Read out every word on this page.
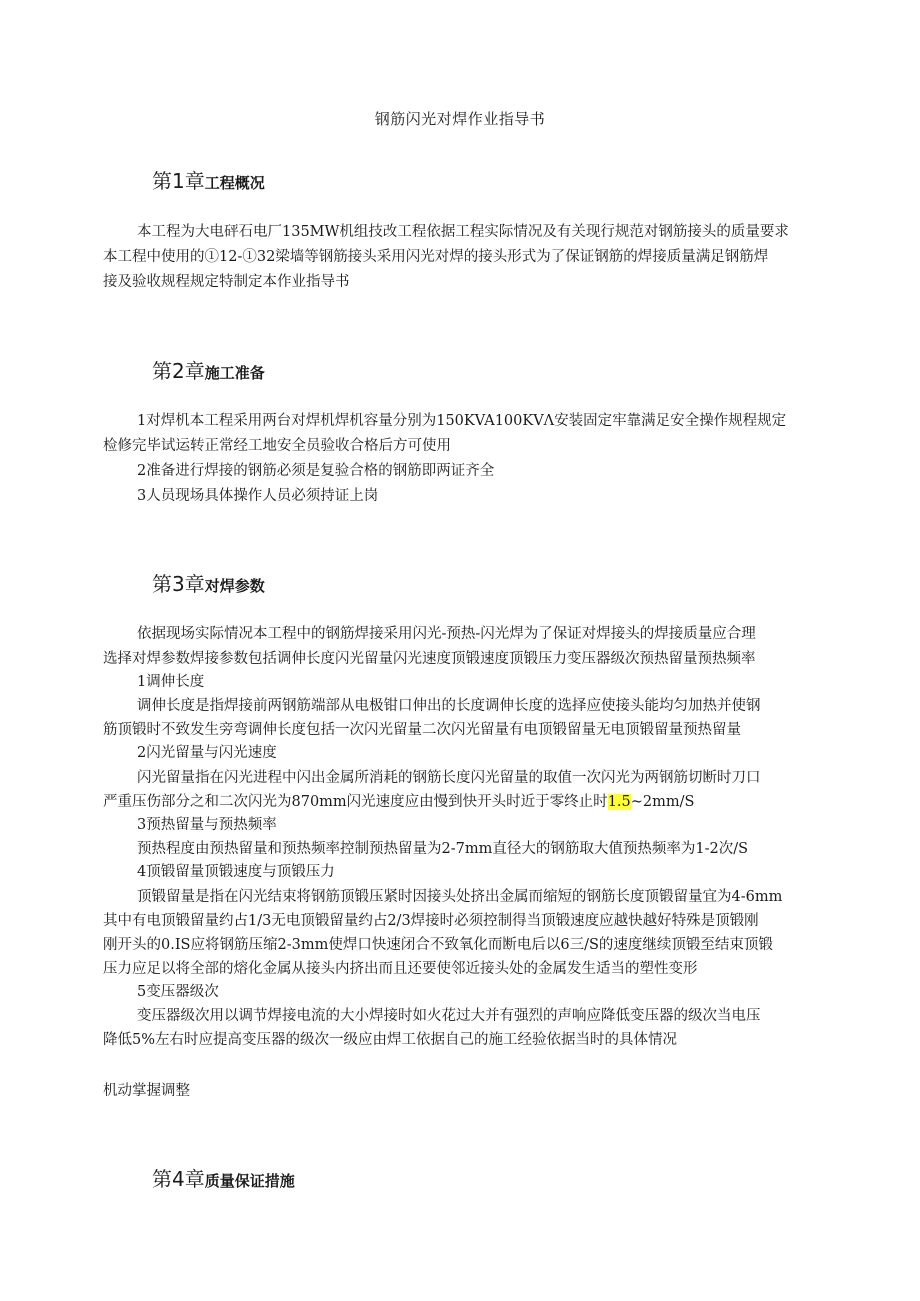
钢筋闪光对焊作业指导书
第1章工程概况
本工程为大电砰石电厂135MW机组技改工程依据工程实际情况及有关现行规范对钢筋接头的质量要求
本工程中使用的①12-①32梁墙等钢筋接头采用闪光对焊的接头形式为了保证钢筋的焊接质量满足钢筋焊
接及验收规程规定特制定本作业指导书
第2章施工准备
1对焊机本工程采用两台对焊机焊机容量分别为150KVA100KVΛ安装固定牢靠满足安全操作规程规定
检修完毕试运转正常经工地安全员验收合格后方可使用
2准备进行焊接的钢筋必须是复验合格的钢筋即两证齐全
3人员现场具体操作人员必须持证上岗
第3章对焊参数
依据现场实际情况本工程中的钢筋焊接采用闪光-预热-闪光焊为了保证对焊接头的焊接质量应合理
选择对焊参数焊接参数包括调伸长度闪光留量闪光速度顶锻速度顶锻压力变压器级次预热留量预热频率
1调伸长度
调伸长度是指焊接前两钢筋端部从电极钳口伸出的长度调伸长度的选择应使接头能均匀加热并使钢
筋顶锻时不致发生旁弯调伸长度包括一次闪光留量二次闪光留量有电顶锻留量无电顶锻留量预热留量
2闪光留量与闪光速度
闪光留量指在闪光进程中闪出金属所消耗的钢筋长度闪光留量的取值一次闪光为两钢筋切断时刀口
严重压伤部分之和二次闪光为870mm闪光速度应由慢到快开头时近于零终止时1.5~2mm/S
3预热留量与预热频率
预热程度由预热留量和预热频率控制预热留量为2-7mm直径大的钢筋取大值预热频率为1-2次/S
4顶锻留量顶锻速度与顶锻压力
顶锻留量是指在闪光结束将钢筋顶锻压紧时因接头处挤出金属而缩短的钢筋长度顶锻留量宜为4-6mm
其中有电顶锻留量约占1/3无电顶锻留量约占2/3焊接时必须控制得当顶锻速度应越快越好特殊是顶锻刚
刚开头的0.IS应将钢筋压缩2-3mm使焊口快速闭合不致氧化而断电后以6三/S的速度继续顶锻至结束顶锻
压力应足以将全部的熔化金属从接头内挤出而且还要使邻近接头处的金属发生适当的塑性变形
5变压器级次
变压器级次用以调节焊接电流的大小焊接时如火花过大并有强烈的声响应降低变压器的级次当电压
降低5%左右时应提高变压器的级次一级应由焊工依据自己的施工经验依据当时的具体情况
机动掌握调整
第4章质量保证措施
